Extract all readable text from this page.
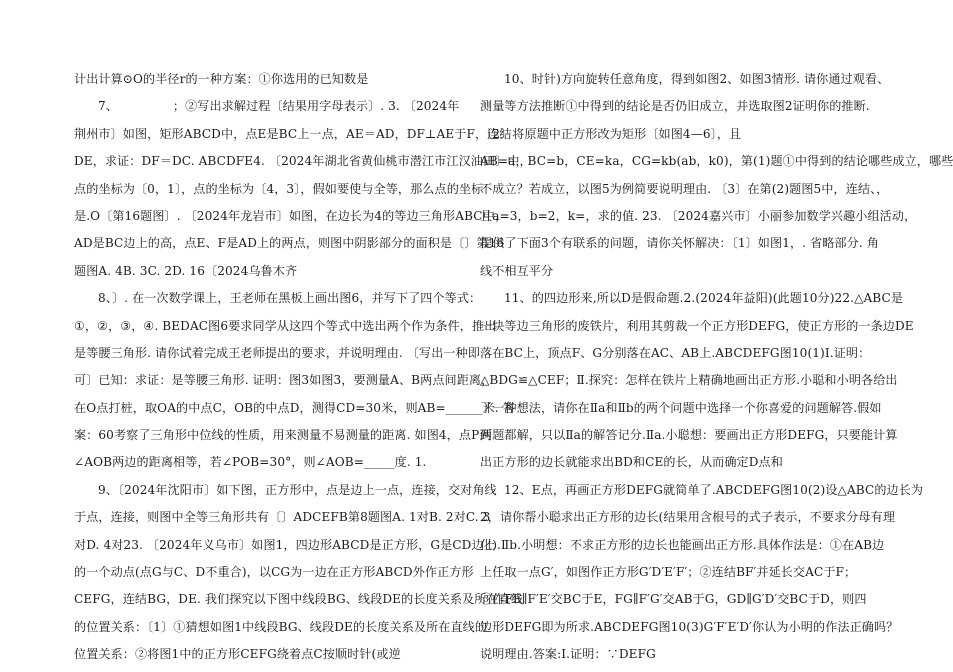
计出计算⊙O的半径r的一种方案：①你选用的已知数是
7、　　　　　；②写出求解过程〔结果用字母表示〕. 3. 〔2024年
荆州市〕如图，矩形ABCD中，点E是BC上一点，AE＝AD，DF⊥AE于F，连结
DE，求证：DF＝DC. ABCDFE4. 〔2024年湖北省黄仙桃市潜江市江汉油田〕中，
点的坐标为〔0，1〕，点的坐标为〔4，3〕，假如要使与全等，那么点的坐标
是.O〔第16题图〕. 〔2024年龙岩市〕如图，在边长为4的等边三角形ABC中，
AD是BC边上的高，点E、F是AD上的两点，则图中阴影部分的面积是〔〕第16
题图A. 4B. 3C. 2D. 16〔2024乌鲁木齐
8、〕. 在一次数学课上，王老师在黑板上画出图6，并写下了四个等式：
①，②，③，④. BEDAC图6要求同学从这四个等式中选出两个作为条件，推出
是等腰三角形. 请你试着完成王老师提出的要求，并说明理由. 〔写出一种即
可〕已知：求证：是等腰三角形. 证明：图3如图3，要测量A、B两点间距离，
在O点打桩，取OA的中点C，OB的中点D，测得CD=30米，则AB=______米. 答
案：60考察了三角形中位线的性质，用来测量不易测量的距离. 如图4，点P到
∠AOB两边的距离相等，若∠POB=30°，则∠AOB=_____度. 1.
9、〔2024年沈阳市〕如下图，正方形中，点是边上一点，连接，交对角线
于点，连接，则图中全等三角形共有〔〕ADCEFB第8题图A. 1对B. 2对C. 3
对D. 4对23. 〔2024年义乌市〕如图1，四边形ABCD是正方形，G是CD边上
的一个动点(点G与C、D不重合)，以CG为一边在正方形ABCD外作正方形
CEFG，连结BG，DE. 我们探究以下图中线段BG、线段DE的长度关系及所在直线
的位置关系：〔1〕①猜想如图1中线段BG、线段DE的长度关系及所在直线的
位置关系：②将图1中的正方形CEFG绕着点C按顺时针(或逆
10、时针)方向旋转任意角度，得到如图2、如图3情形. 请你通过观看、
测量等方法推断①中得到的结论是否仍旧成立，并选取图2证明你的推断.
〔2〕将原题中正方形改为矩形〔如图4—6〕，且
AB=a，BC=b，CE=ka，CG=kb(ab，k0)，第(1)题①中得到的结论哪些成立，哪些
不成立？若成立，以图5为例简要说明理由. 〔3〕在第(2)题图5中，连结、，
且a=3，b=2，k=，求的值. 23. 〔2024嘉兴市〕小丽参加数学兴趣小组活动，
提供了下面3个有联系的问题，请你关怀解决：〔1〕如图1，. 省略部分. 角
线不相互平分
11、的四边形来,所以D是假命题.2.(2024年益阳)(此题10分)22.△ABC是
一块等边三角形的废铁片，利用其剪裁一个正方形DEFG，使正方形的一条边DE
落在BC上，顶点F、G分别落在AC、AB上.ABCDEFG图10(1)Ⅰ.证明：
△BDG≌△CEF；Ⅱ.探究：怎样在铁片上精确地画出正方形.小聪和小明各给出
了一种想法，请你在Ⅱa和Ⅱb的两个问题中选择一个你喜爱的问题解答.假如
两题都解，只以Ⅱa的解答记分.Ⅱa.小聪想：要画出正方形DEFG，只要能计算
出正方形的边长就能求出BD和CE的长，从而确定D点和
12、E点，再画正方形DEFG就简单了.ABCDEFG图10(2)设△ABC的边长为
2，请你帮小聪求出正方形的边长(结果用含根号的式子表示，不要求分母有理
化).Ⅱb.小明想：不求正方形的边长也能画出正方形.具体作法是：①在AB边
上任取一点G′，如图作正方形G′D′E′F′；②连结BF′并延长交AC于F；
③作FE∥F′E′交BC于E，FG∥F′G′交AB于G，GD∥G′D′交BC于D，则四
边形DEFG即为所求.ABCDEFG图10(3)G′F′E′D′你认为小明的作法正确吗？
说明理由.答案:Ⅰ.证明：∵DEFG
